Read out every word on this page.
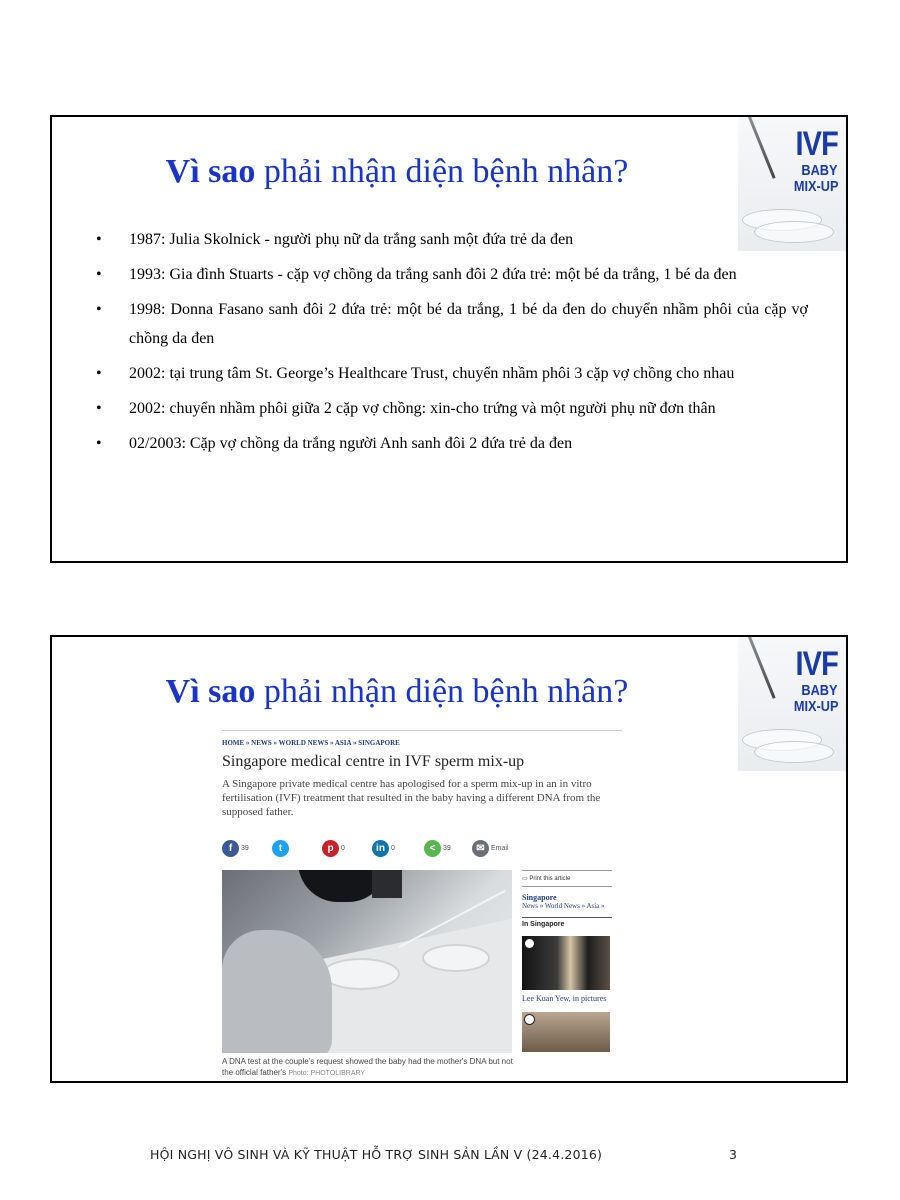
Vì sao phải nhận diện bệnh nhân?
IVF
BABY
MIX-UP
• 1987: Julia Skolnick - người phụ nữ da trắng sanh một đứa trẻ da đen
• 1993: Gia đình Stuarts - cặp vợ chồng da trắng sanh đôi 2 đứa trẻ: một bé da trắng, 1 bé da đen
• 1998: Donna Fasano sanh đôi 2 đứa trẻ: một bé da trắng, 1 bé da đen do chuyển nhầm phôi của cặp vợ chồng da đen
• 2002: tại trung tâm St. George’s Healthcare Trust, chuyển nhầm phôi 3 cặp vợ chồng cho nhau
• 2002: chuyển nhầm phôi giữa 2 cặp vợ chồng: xin-cho trứng và một người phụ nữ đơn thân
• 02/2003: Cặp vợ chồng da trắng người Anh sanh đôi 2 đứa trẻ da đen
Vì sao phải nhận diện bệnh nhân?
IVF
BABY
MIX-UP
HOME » NEWS » WORLD NEWS » ASIA » SINGAPORE
Singapore medical centre in IVF sperm mix-up
A Singapore private medical centre has apologised for a sperm mix-up in an in vitro fertilisation (IVF) treatment that resulted in the baby having a different DNA from the supposed father.
f	39	t	p	0	in 0	<	39	✉ Email
A DNA test at the couple's request showed the baby had the mother's DNA but not the official father's Photo: PHOTOLIBRARY
▭ Print this article
Singapore
News » World News » Asia »
In Singapore
Lee Kuan Yew, in pictures
HỘI NGHỊ VÔ SINH VÀ KỸ THUẬT HỖ TRỢ SINH SẢN LẦN V (24.4.2016)	3
